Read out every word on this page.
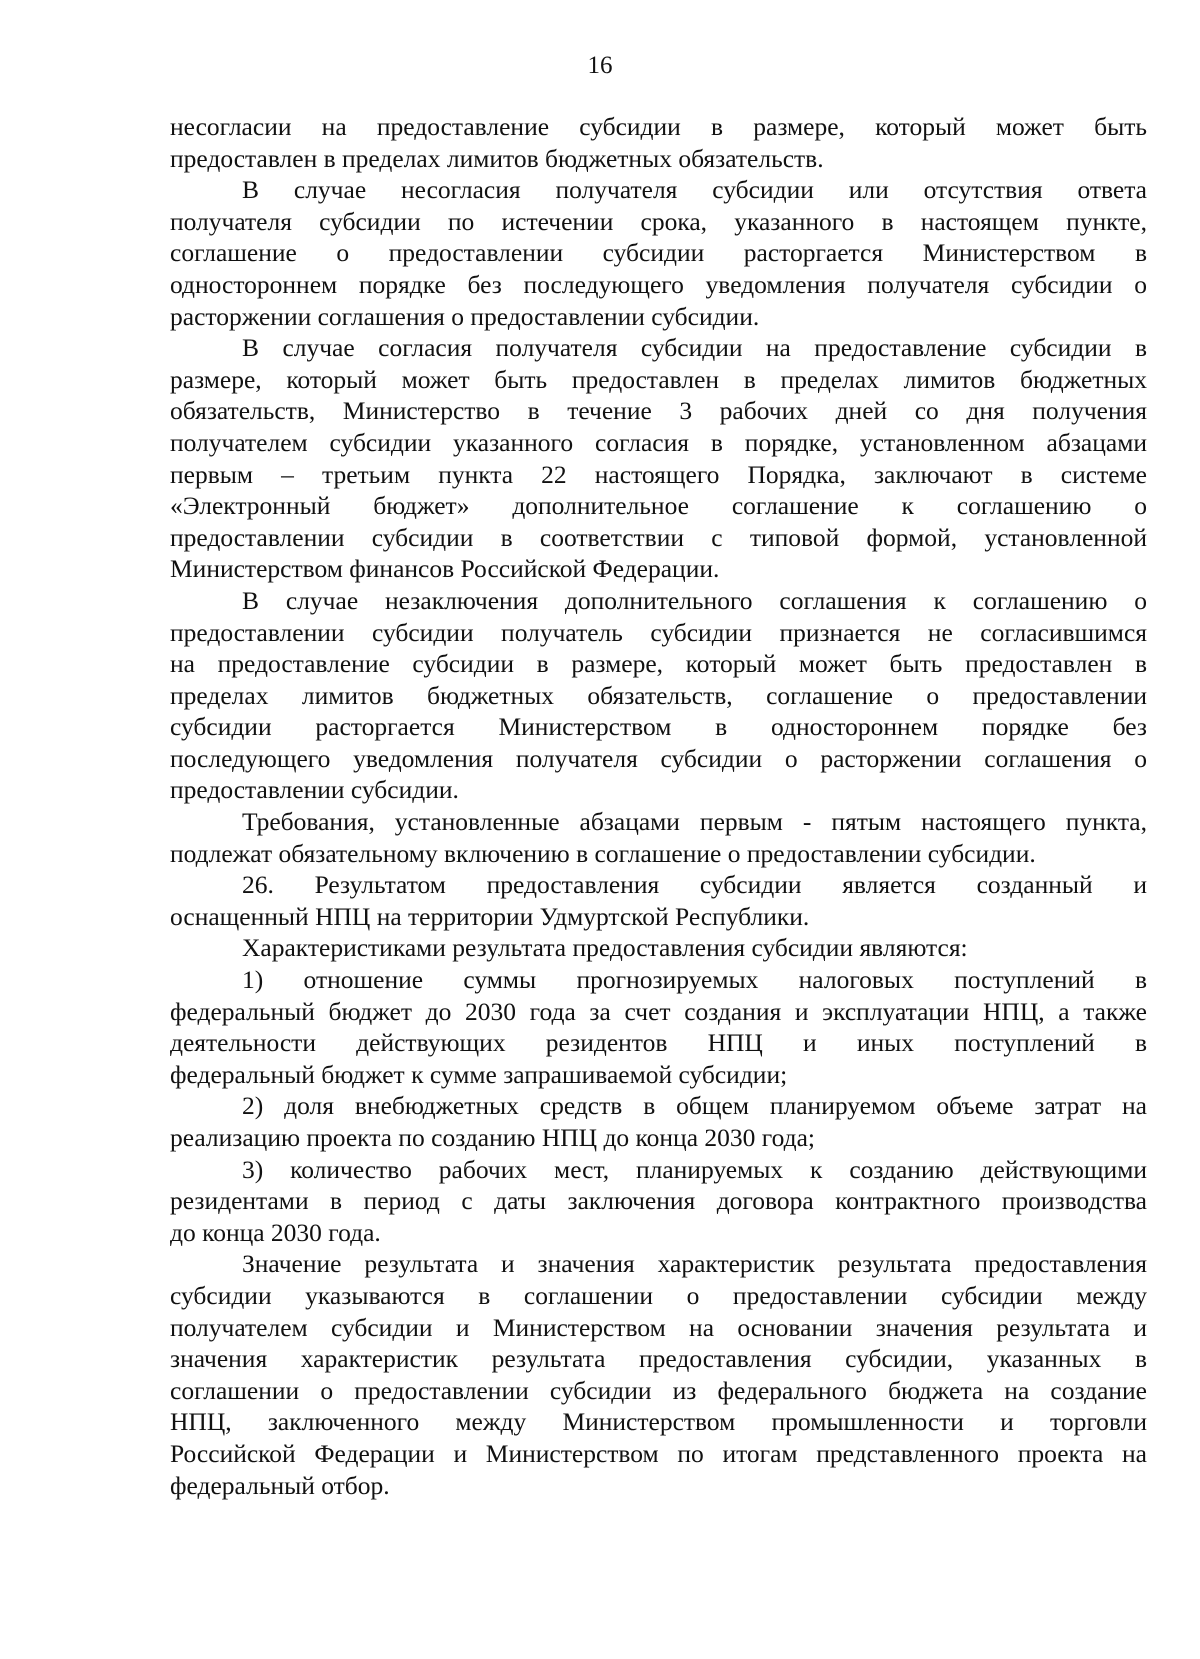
16
несогласии на предоставление субсидии в размере, который может быть
предоставлен в пределах лимитов бюджетных обязательств.
В случае несогласия получателя субсидии или отсутствия ответа
получателя субсидии по истечении срока, указанного в настоящем пункте,
соглашение о предоставлении субсидии расторгается Министерством в
одностороннем порядке без последующего уведомления получателя субсидии о
расторжении соглашения о предоставлении субсидии.
В случае согласия получателя субсидии на предоставление субсидии в
размере, который может быть предоставлен в пределах лимитов бюджетных
обязательств, Министерство в течение 3 рабочих дней со дня получения
получателем субсидии указанного согласия в порядке, установленном абзацами
первым – третьим пункта 22 настоящего Порядка, заключают в системе
«Электронный бюджет» дополнительное соглашение к соглашению о
предоставлении субсидии в соответствии с типовой формой, установленной
Министерством финансов Российской Федерации.
В случае незаключения дополнительного соглашения к соглашению о
предоставлении субсидии получатель субсидии признается не согласившимся
на предоставление субсидии в размере, который может быть предоставлен в
пределах лимитов бюджетных обязательств, соглашение о предоставлении
субсидии расторгается Министерством в одностороннем порядке без
последующего уведомления получателя субсидии о расторжении соглашения о
предоставлении субсидии.
Требования, установленные абзацами первым - пятым настоящего пункта,
подлежат обязательному включению в соглашение о предоставлении субсидии.
26. Результатом предоставления субсидии является созданный и
оснащенный НПЦ на территории Удмуртской Республики.
Характеристиками результата предоставления субсидии являются:
1) отношение суммы прогнозируемых налоговых поступлений в
федеральный бюджет до 2030 года за счет создания и эксплуатации НПЦ, а также
деятельности действующих резидентов НПЦ и иных поступлений в
федеральный бюджет к сумме запрашиваемой субсидии;
2) доля внебюджетных средств в общем планируемом объеме затрат на
реализацию проекта по созданию НПЦ до конца 2030 года;
3) количество рабочих мест, планируемых к созданию действующими
резидентами в период с даты заключения договора контрактного производства
до конца 2030 года.
Значение результата и значения характеристик результата предоставления
субсидии указываются в соглашении о предоставлении субсидии между
получателем субсидии и Министерством на основании значения результата и
значения характеристик результата предоставления субсидии, указанных в
соглашении о предоставлении субсидии из федерального бюджета на создание
НПЦ, заключенного между Министерством промышленности и торговли
Российской Федерации и Министерством по итогам представленного проекта на
федеральный отбор.
